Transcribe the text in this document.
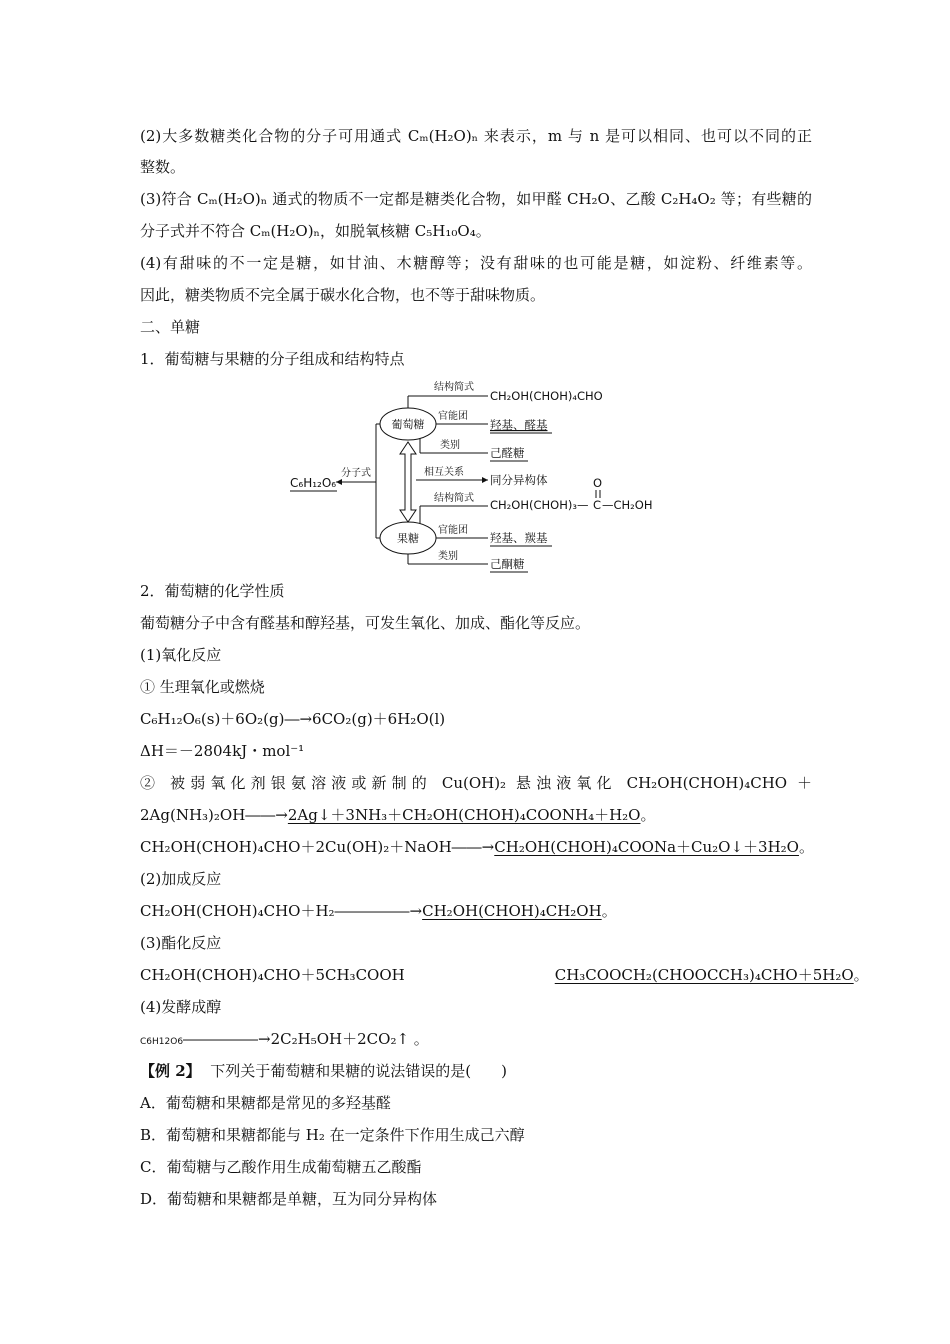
(2)大多数糖类化合物的分子可用通式 Cₘ(H₂O)ₙ 来表示，m 与 n 是可以相同、也可以不同的正
整数。
(3)符合 Cₘ(H₂O)ₙ 通式的物质不一定都是糖类化合物，如甲醛 CH₂O、乙酸 C₂H₄O₂ 等；有些糖的
分子式并不符合 Cₘ(H₂O)ₙ，如脱氧核糖 C₅H₁₀O₄。
(4)有甜味的不一定是糖，如甘油、木糖醇等；没有甜味的也可能是糖，如淀粉、纤维素等。
因此，糖类物质不完全属于碳水化合物，也不等于甜味物质。
二、单糖
1．葡萄糖与果糖的分子组成和结构特点
C₆H₁₂O₆
分子式
葡萄糖
果糖
结构简式
CH₂OH(CHOH)₄CHO
官能团
羟基、醛基
类别
己醛糖
相互关系
同分异构体
结构简式 CH₂OH(CHOH)₃— C
O
—CH₂OH
官能团
羟基、羰基
类别
己酮糖
2．葡萄糖的化学性质
葡萄糖分子中含有醛基和醇羟基，可发生氧化、加成、酯化等反应。
(1)氧化反应
① 生理氧化或燃烧
C₆H₁₂O₆(s)＋6O₂(g)―→6CO₂(g)＋6H₂O(l)
ΔH＝－2804kJ・mol⁻¹
② 被弱氧化剂银氨溶液或新制的 Cu(OH)₂ 悬浊液氧化 CH₂OH(CHOH)₄CHO ＋
2Ag(NH₃)₂OH――→2Ag↓＋3NH₃＋CH₂OH(CHOH)₄COONH₄＋H₂O。
CH₂OH(CHOH)₄CHO＋2Cu(OH)₂＋NaOH――→CH₂OH(CHOH)₄COONa＋Cu₂O↓＋3H₂O。
(2)加成反应
CH₂OH(CHOH)₄CHO＋H₂―――――→CH₂OH(CHOH)₄CH₂OH。
(3)酯化反应
CH₂OH(CHOH)₄CHO＋5CH₃COOH	CH₃COOCH₂(CHOOCCH₃)₄CHO＋5H₂O。
(4)发酵成醇
C6H12O6―――――→2C₂H₅OH＋2CO₂↑ 。
【例 2】 下列关于葡萄糖和果糖的说法错误的是(　　)
A．葡萄糖和果糖都是常见的多羟基醛
B．葡萄糖和果糖都能与 H₂ 在一定条件下作用生成己六醇
C．葡萄糖与乙酸作用生成葡萄糖五乙酸酯
D．葡萄糖和果糖都是单糖，互为同分异构体
